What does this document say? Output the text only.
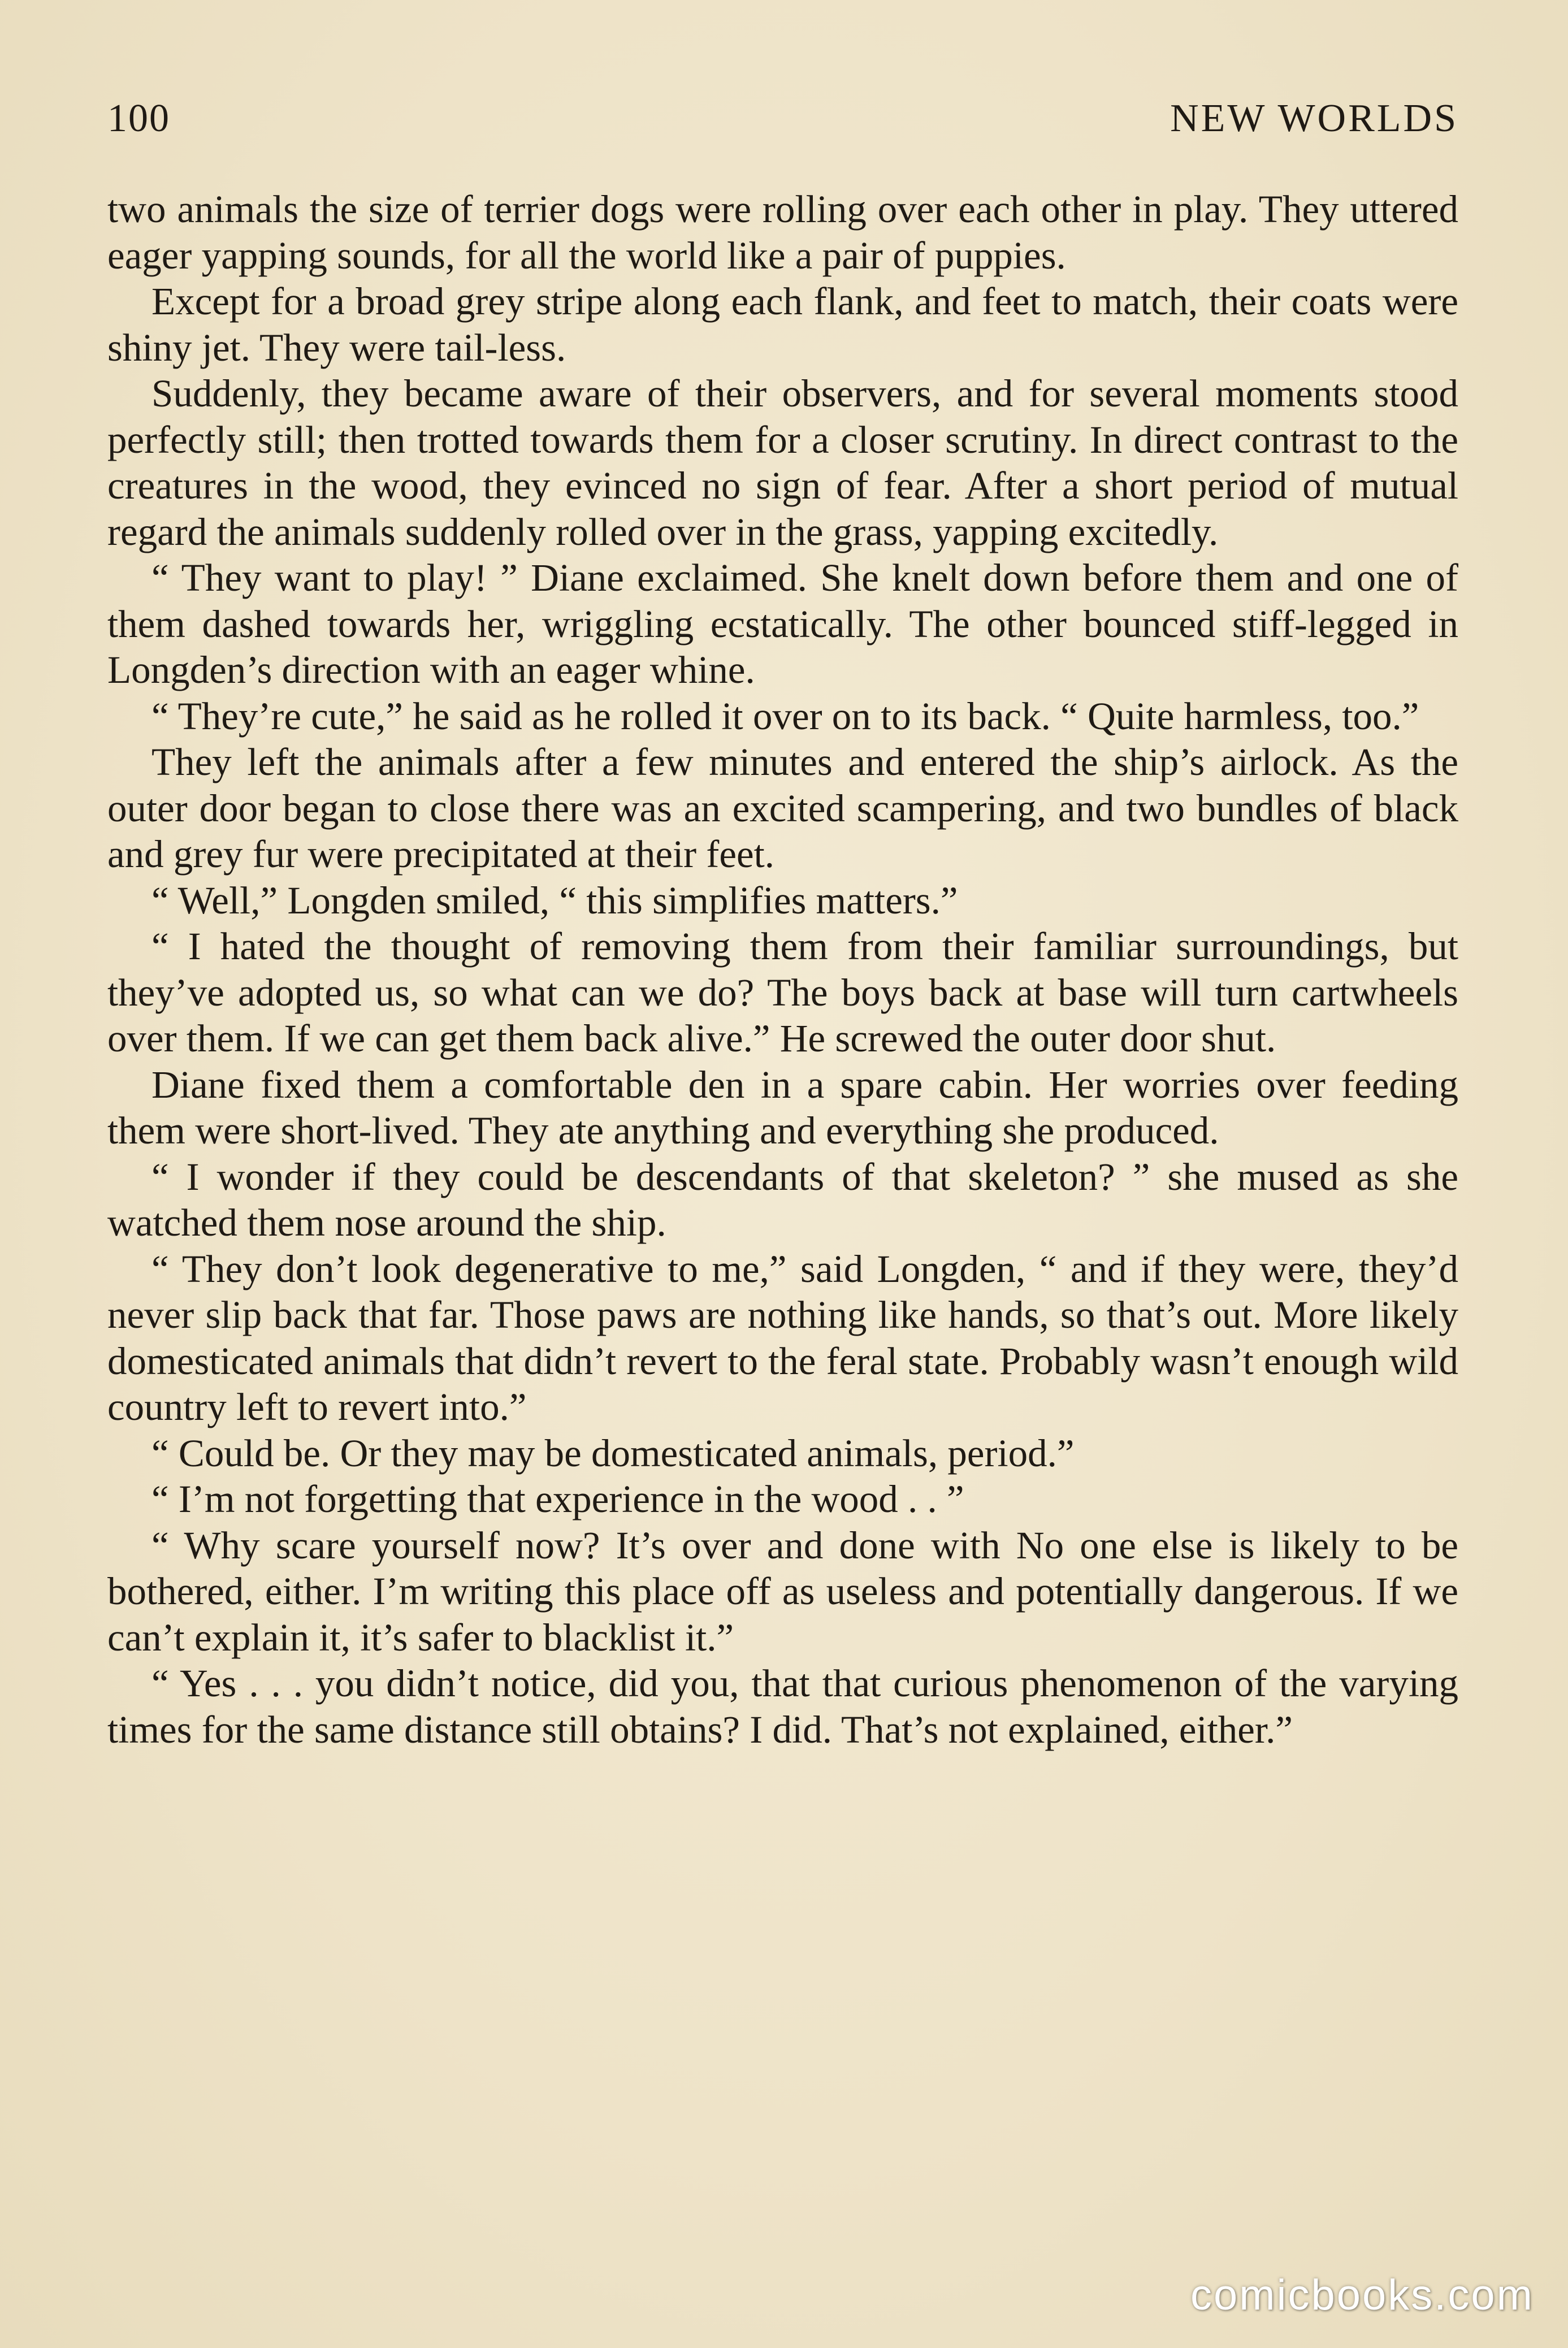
100	NEW WORLDS

two animals the size of terrier dogs were rolling over each other in play. They uttered eager yapping sounds, for all the world like a pair of puppies.

Except for a broad grey stripe along each flank, and feet to match, their coats were shiny jet. They were tail-less.

Suddenly, they became aware of their observers, and for several moments stood perfectly still; then trotted towards them for a closer scrutiny. In direct contrast to the creatures in the wood, they evinced no sign of fear. After a short period of mutual regard the animals suddenly rolled over in the grass, yapping excitedly.

“ They want to play! ” Diane exclaimed. She knelt down before them and one of them dashed towards her, wriggling ecstatically. The other bounced stiff-legged in Longden’s direction with an eager whine.

“ They’re cute,” he said as he rolled it over on to its back. “ Quite harmless, too.”

They left the animals after a few minutes and entered the ship’s airlock. As the outer door began to close there was an excited scampering, and two bundles of black and grey fur were precipitated at their feet.

“ Well,” Longden smiled, “ this simplifies matters.”

“ I hated the thought of removing them from their familiar surroundings, but they’ve adopted us, so what can we do? The boys back at base will turn cartwheels over them. If we can get them back alive.” He screwed the outer door shut.

Diane fixed them a comfortable den in a spare cabin. Her worries over feeding them were short-lived. They ate anything and everything she produced.

“ I wonder if they could be descendants of that skeleton? ” she mused as she watched them nose around the ship.

“ They don’t look degenerative to me,” said Longden, “ and if they were, they’d never slip back that far. Those paws are nothing like hands, so that’s out. More likely domesticated animals that didn’t revert to the feral state. Probably wasn’t enough wild country left to revert into.”

“ Could be. Or they may be domesticated animals, period.”

“ I’m not forgetting that experience in the wood . . ”

“ Why scare yourself now? It’s over and done with No one else is likely to be bothered, either. I’m writing this place off as useless and potentially dangerous. If we can’t explain it, it’s safer to blacklist it.”

“ Yes . . . you didn’t notice, did you, that that curious phenomenon of the varying times for the same distance still obtains? I did. That’s not explained, either.”

comicbooks.com
